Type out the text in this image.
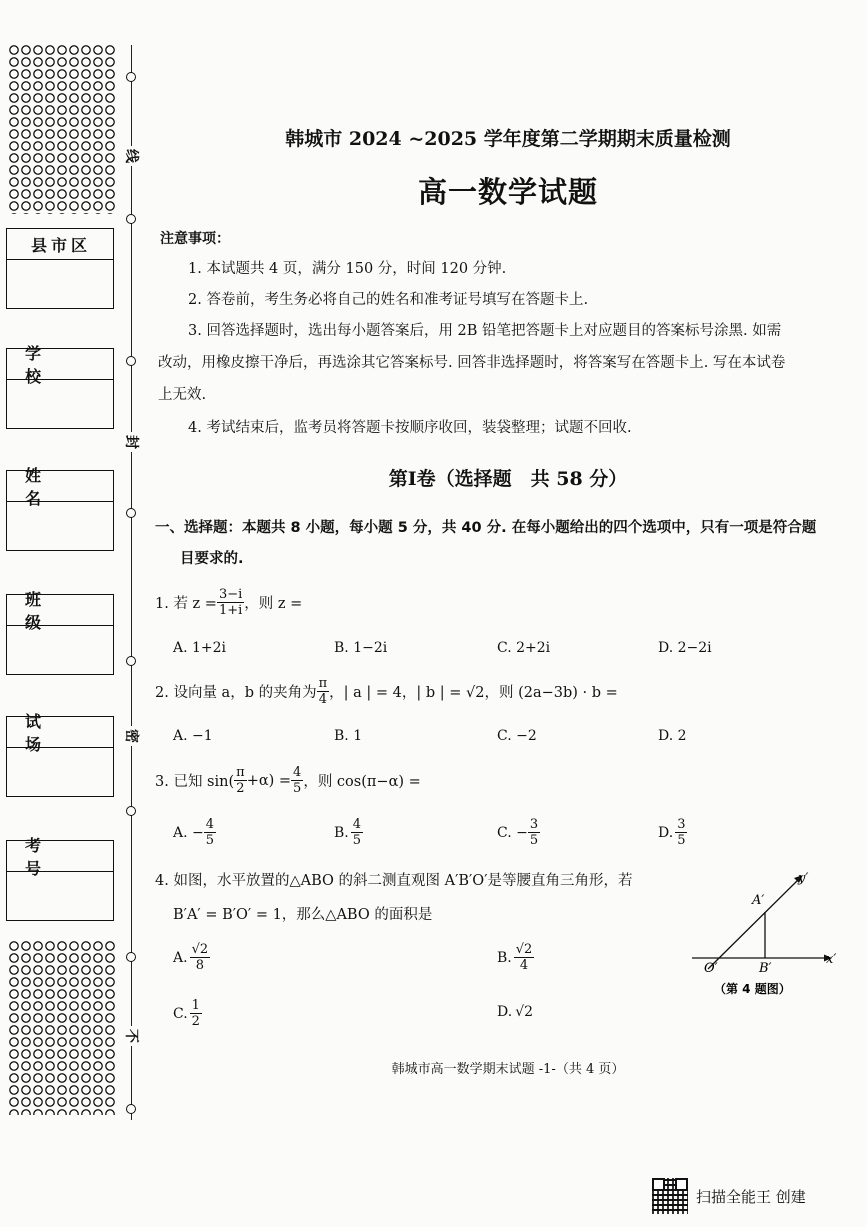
线
封
密
不
县市区
学校
姓名
班级
试场
考号
韩城市 2024 ~2025 学年度第二学期期末质量检测
高一数学试题
注意事项：
1. 本试题共 4 页，满分 150 分，时间 120 分钟.
2. 答卷前，考生务必将自己的姓名和准考证号填写在答题卡上.
3. 回答选择题时，选出每小题答案后，用 2B 铅笔把答题卡上对应题目的答案标号涂黑. 如需
改动，用橡皮擦干净后，再选涂其它答案标号. 回答非选择题时，将答案写在答题卡上. 写在本试卷
上无效.
4. 考试结束后，监考员将答题卡按顺序收回，装袋整理；试题不回收.
第Ⅰ卷（选择题　共 58 分）
一、选择题：本题共 8 小题，每小题 5 分，共 40 分. 在每小题给出的四个选项中，只有一项是符合题
目要求的.
1. 若 $z = \frac{3-i}{1+i}$ ，则 z =
A. 1+2i	B. 1−2i	C. 2+2i	D. 2−2i
2. 设向量 a，b 的夹角为 $\frac{\pi}{4}$ ，| a | = 4，| b | = √2，则 (2a−3b) · b =
A. −1	B. 1	C. −2	D. 2
3. 已知 $\sin( \frac{\pi}{2} +\alpha) = \frac{4}{5}$ ，则 cos(π−α) =
A. − $\frac{4}{5}$	B. $\frac{4}{5}$	C. − $\frac{3}{5}$	D. $\frac{3}{5}$
4. 如图，水平放置的△ABO 的斜二测直观图 A′B′O′是等腰直角三角形，若
B′A′ = B′O′ = 1，那么△ABO 的面积是
A. $\frac{√2}{8}$	B. $\frac{√2}{4}$
C. $\frac{1}{2}$	D. √2
y′
x′
A′
O′	B′
（第 4 题图）
韩城市高一数学期末试题 -1-（共 4 页）
扫描全能王 创建
